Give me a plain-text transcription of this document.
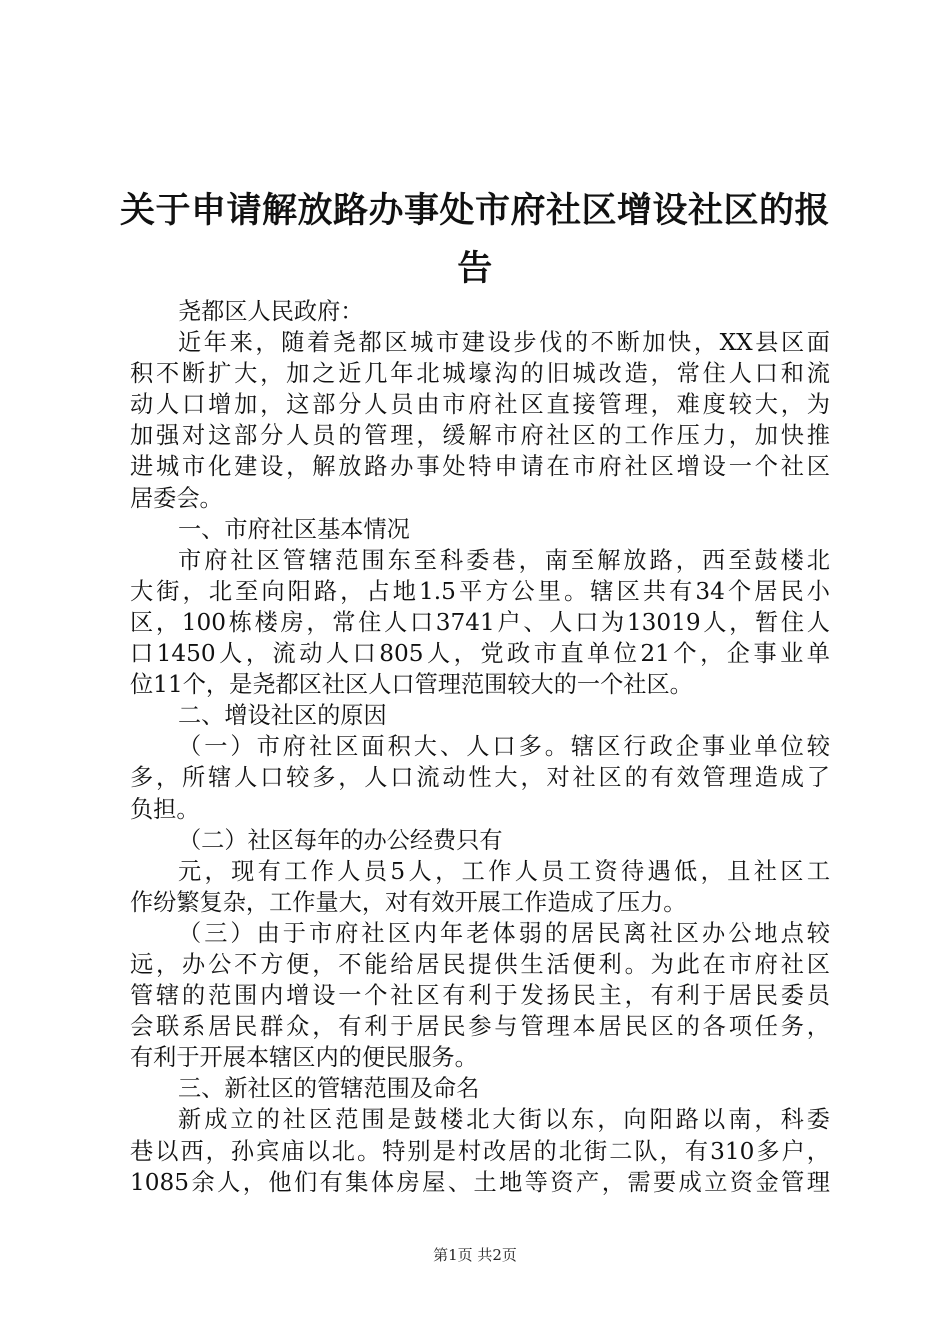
关于申请解放路办事处市府社区增设社区的报
告
尧都区人民政府：
近年来，随着尧都区城市建设步伐的不断加快，XX县区面
积不断扩大，加之近几年北城壕沟的旧城改造，常住人口和流
动人口增加，这部分人员由市府社区直接管理，难度较大，为
加强对这部分人员的管理，缓解市府社区的工作压力，加快推
进城市化建设，解放路办事处特申请在市府社区增设一个社区
居委会。
一、市府社区基本情况
市府社区管辖范围东至科委巷，南至解放路，西至鼓楼北
大街，北至向阳路，占地1.5平方公里。辖区共有34个居民小
区，100栋楼房，常住人口3741户、人口为13019人，暂住人
口1450人，流动人口805人，党政市直单位21个，企事业单
位11个，是尧都区社区人口管理范围较大的一个社区。
二、增设社区的原因
（一）市府社区面积大、人口多。辖区行政企事业单位较
多，所辖人口较多，人口流动性大，对社区的有效管理造成了
负担。
（二）社区每年的办公经费只有
元，现有工作人员5人，工作人员工资待遇低，且社区工
作纷繁复杂，工作量大，对有效开展工作造成了压力。
（三）由于市府社区内年老体弱的居民离社区办公地点较
远，办公不方便，不能给居民提供生活便利。为此在市府社区
管辖的范围内增设一个社区有利于发扬民主，有利于居民委员
会联系居民群众，有利于居民参与管理本居民区的各项任务，
有利于开展本辖区内的便民服务。
三、新社区的管辖范围及命名
新成立的社区范围是鼓楼北大街以东，向阳路以南，科委
巷以西，孙宾庙以北。特别是村改居的北街二队，有310多户，
1085余人，他们有集体房屋、土地等资产，需要成立资金管理
第1页 共2页
